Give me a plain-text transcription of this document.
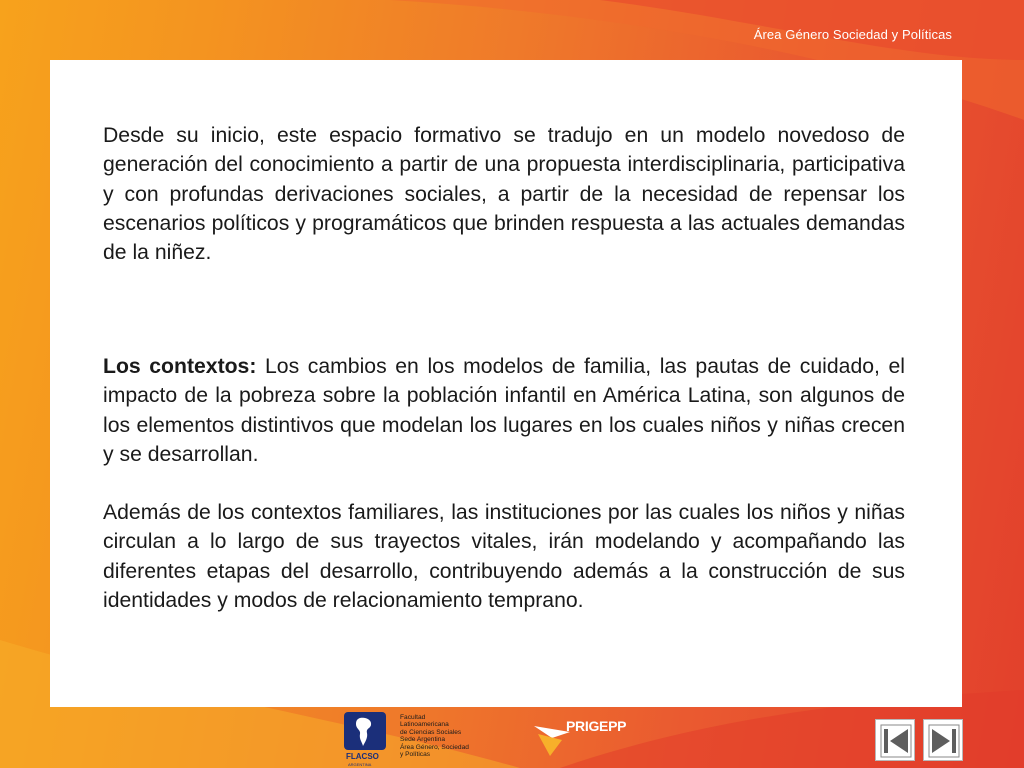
Área Género Sociedad y Políticas

Desde su inicio, este espacio formativo se tradujo en un modelo novedoso de generación del conocimiento a partir de una propuesta interdisciplinaria, participativa y con profundas derivaciones sociales, a partir de la necesidad de repensar los escenarios políticos y programáticos que brinden respuesta a las actuales demandas de la niñez.

Los contextos: Los cambios en los modelos de familia, las pautas de cuidado, el impacto de la pobreza sobre la población infantil en América Latina, son algunos de los elementos distintivos que modelan los lugares en los cuales niños y niñas crecen y se desarrollan.

Además de los contextos familiares, las instituciones por las cuales los niños y niñas circulan a lo largo de sus trayectos vitales, irán modelando y acompañando las diferentes etapas del desarrollo, contribuyendo además a la construcción de sus identidades y modos de relacionamiento temprano.

FLACSO
ARGENTINA
Facultad
Latinoamericana
de Ciencias Sociales
Sede Argentina
Área Género, Sociedad
y Políticas
PRIGEPP
